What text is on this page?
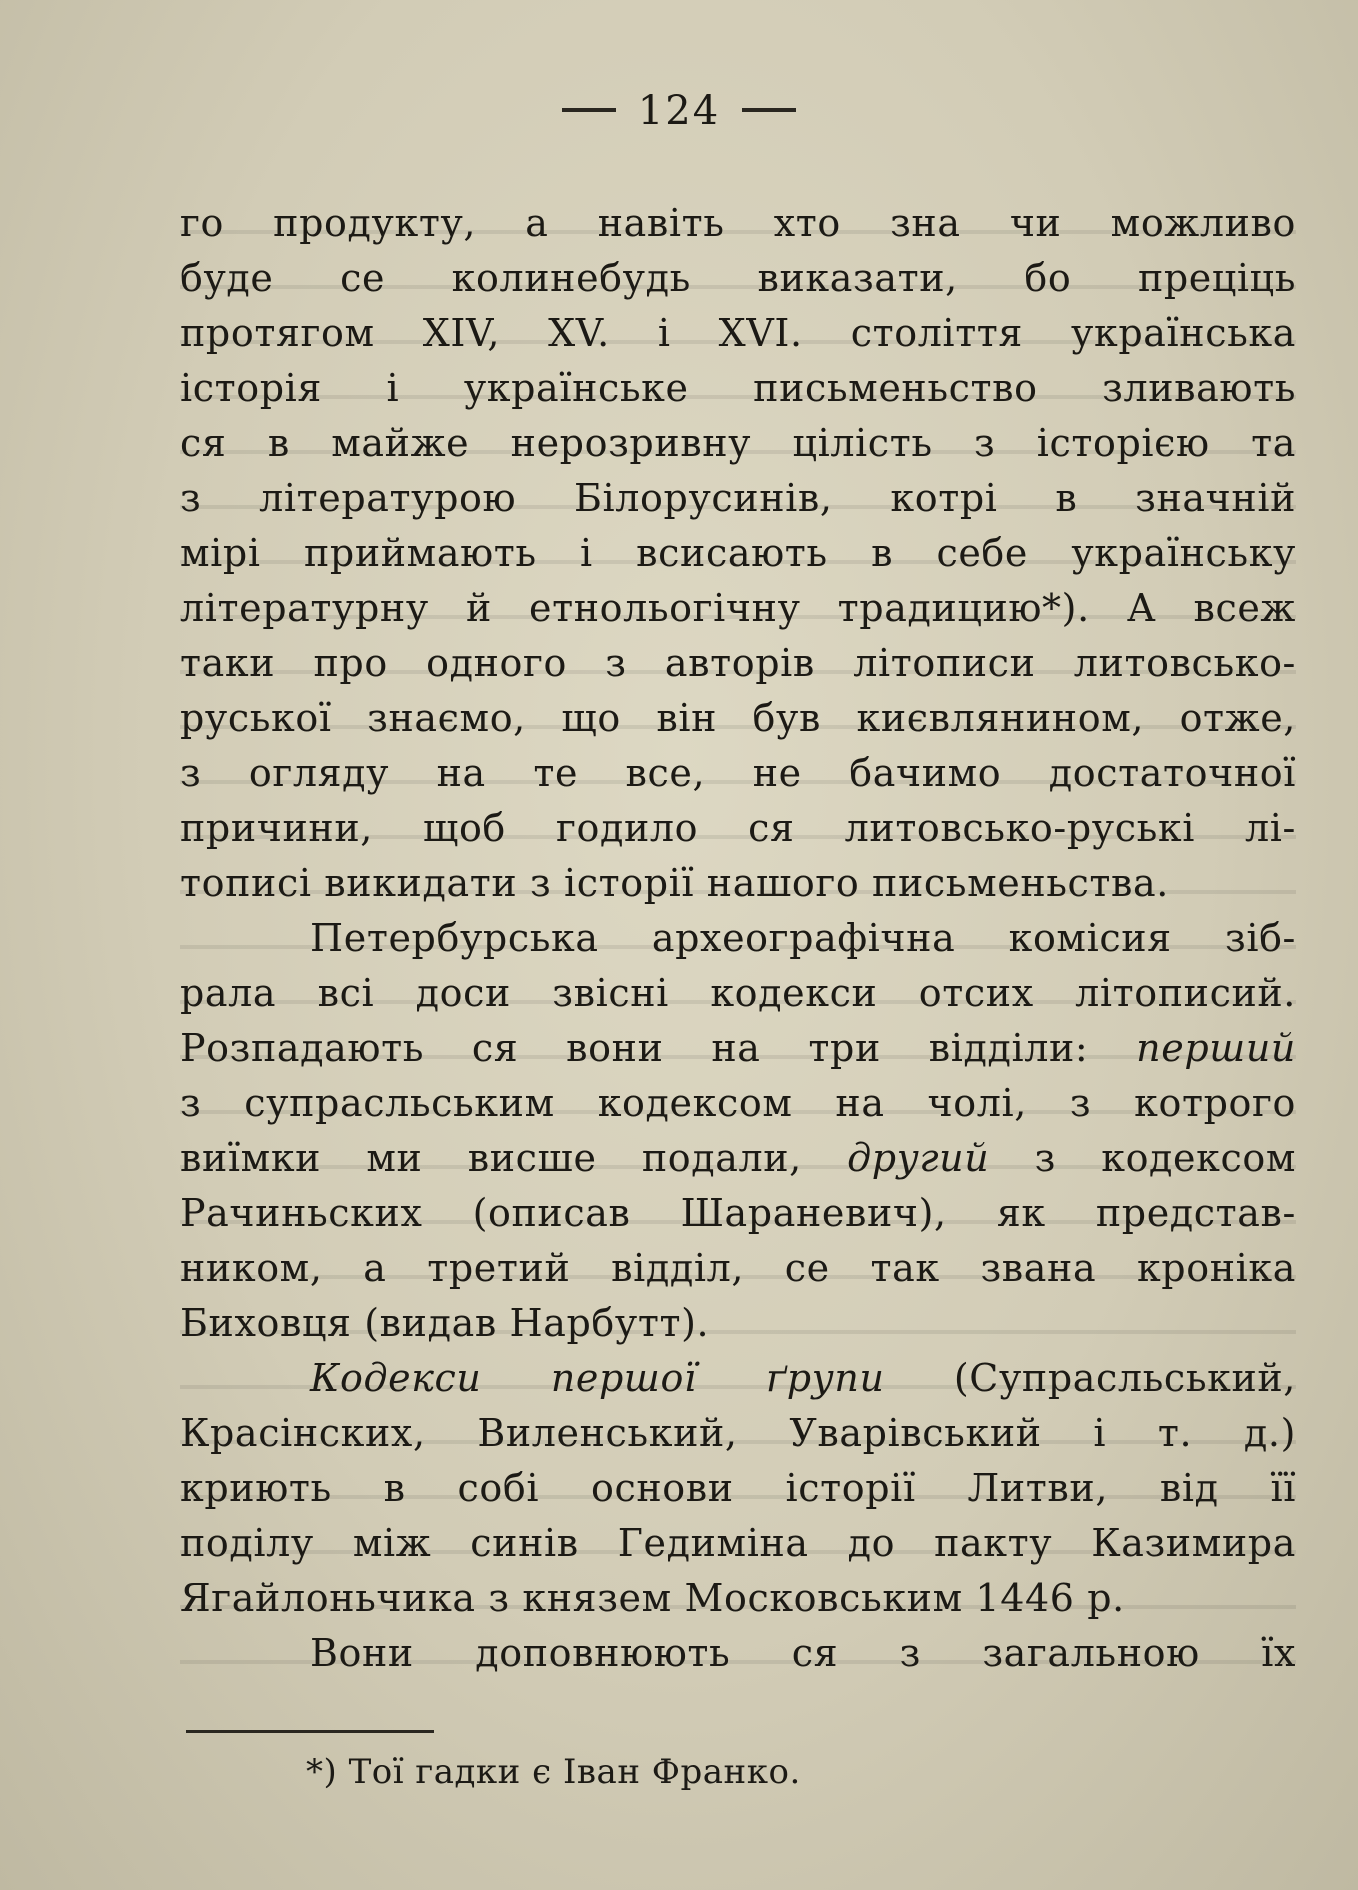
124
го продукту, а навіть хто зна чи можливо
буде се колинебудь виказати, бо преціць
протягом XIV, XV. і XVI. століття українська
історія і українське письменьство зливають
ся в майже нерозривну цілість з історією та
з літературою Білорусинів, котрі в значній
мірі приймають і всисають в себе українську
літературну й етнольогічну традицию*). А всеж
таки про одного з авторів літописи литовсько-
руської знаємо, що він був києвлянином, отже,
з огляду на те все, не бачимо достаточної
причини, щоб годило ся литовсько-руські лі-
тописі викидати з історії нашого письменьства.
Петербурська археографічна комісия зіб-
рала всі доси звісні кодекси отсих літописий.
Розпадають ся вони на три відділи: перший
з супрасльським кодексом на чолі, з котрого
виїмки ми висше подали, другий з кодексом
Рачиньских (описав Шараневич), як представ-
ником, а третий відділ, се так звана кроніка
Биховця (видав Нарбутт).
Кодекси першої ґрупи (Супрасльський,
Красінских, Виленський, Уварівський і т. д.)
криють в собі основи історії Литви, від її
поділу між синів Гедиміна до пакту Казимира
Ягайлоньчика з князем Московським 1446 р.
Вони доповнюють ся з загальною їх
*) Тої гадки є Іван Франко.
